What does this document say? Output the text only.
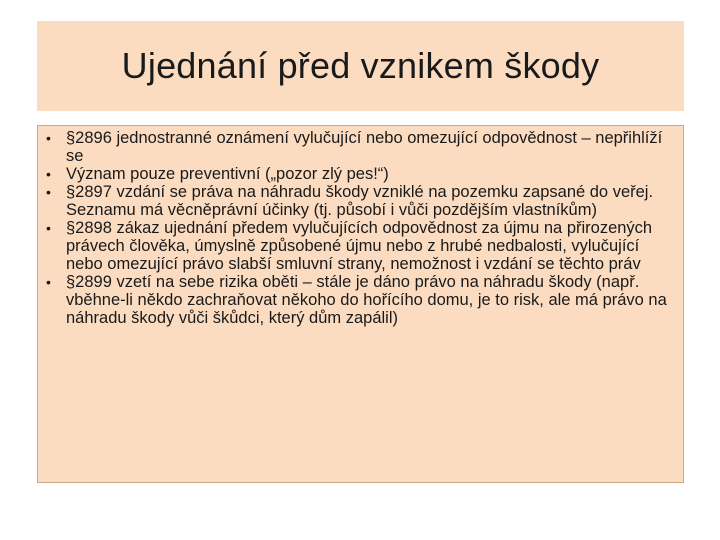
Ujednání před vznikem škody
• §2896 jednostranné oznámení vylučující nebo omezující odpovědnost – nepřihlíží se
• Význam pouze preventivní („pozor zlý pes!“)
• §2897 vzdání se práva na náhradu škody vzniklé na pozemku zapsané do veřej. Seznamu má věcněprávní účinky (tj. působí i vůči pozdějším vlastníkům)
• §2898 zákaz ujednání předem vylučujících odpovědnost za újmu na přirozených právech člověka, úmyslně způsobené újmu nebo z hrubé nedbalosti, vylučující nebo omezující právo slabší smluvní strany, nemožnost i vzdání se těchto práv
• §2899 vzetí na sebe rizika oběti – stále je dáno právo na náhradu škody (např. vběhne-li někdo zachraňovat někoho do hořícího domu, je to risk, ale má právo na náhradu škody vůči škůdci, který dům zapálil)
